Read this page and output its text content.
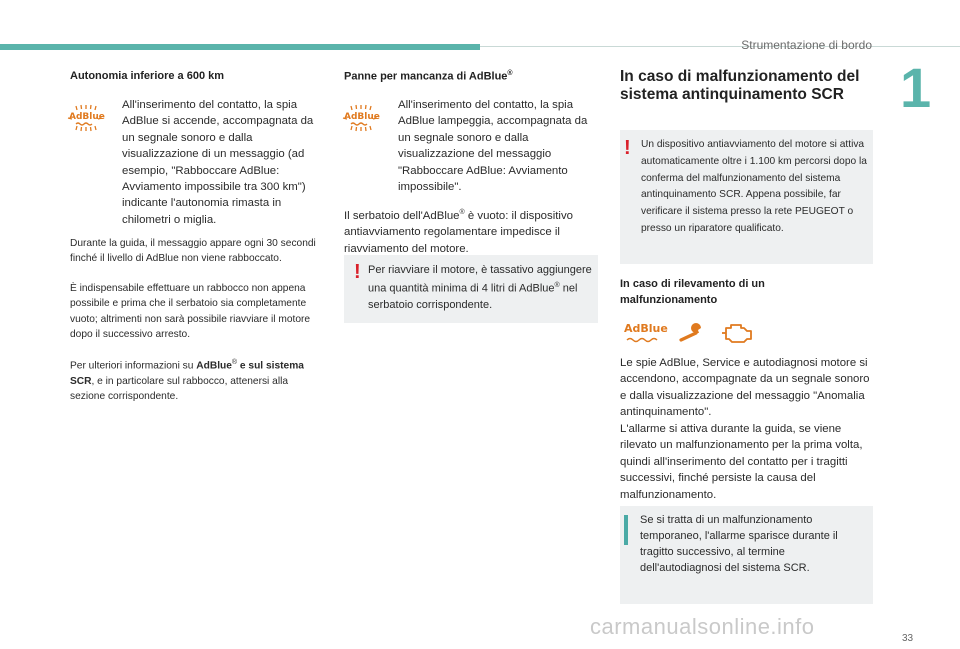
Strumentazione di bordo
1
Autonomia inferiore a 600 km
AdBlue
All'inserimento del contatto, la spia AdBlue si accende, accompagnata da un segnale sonoro e dalla visualizzazione di un messaggio (ad esempio, "Rabboccare AdBlue: Avviamento impossibile tra 300 km") indicante l'autonomia rimasta in chilometri o miglia.
Durante la guida, il messaggio appare ogni 30 secondi finché il livello di AdBlue non viene rabboccato.
È indispensabile effettuare un rabbocco non appena possibile e prima che il serbatoio sia completamente vuoto; altrimenti non sarà possibile riavviare il motore dopo il successivo arresto.
Per ulteriori informazioni su AdBlue® e sul sistema SCR, e in particolare sul rabbocco, attenersi alla sezione corrispondente.
Panne per mancanza di AdBlue®
AdBlue
All'inserimento del contatto, la spia AdBlue lampeggia, accompagnata da un segnale sonoro e dalla visualizzazione del messaggio "Rabboccare AdBlue: Avviamento impossibile".
Il serbatoio dell'AdBlue® è vuoto: il dispositivo antiavviamento regolamentare impedisce il riavviamento del motore.
! Per riavviare il motore, è tassativo aggiungere una quantità minima di 4 litri di AdBlue® nel serbatoio corrispondente.
In caso di malfunzionamento del sistema antinquinamento SCR
! Un dispositivo antiavviamento del motore si attiva automaticamente oltre i 1.100 km percorsi dopo la conferma del malfunzionamento del sistema antinquinamento SCR. Appena possibile, far verificare il sistema presso la rete PEUGEOT o presso un riparatore qualificato.
In caso di rilevamento di un malfunzionamento
AdBlue
Le spie AdBlue, Service e autodiagnosi motore si accendono, accompagnate da un segnale sonoro e dalla visualizzazione del messaggio "Anomalia antinquinamento".
L'allarme si attiva durante la guida, se viene rilevato un malfunzionamento per la prima volta, quindi all'inserimento del contatto per i tragitti successivi, finché persiste la causa del malfunzionamento.
Se si tratta di un malfunzionamento temporaneo, l'allarme sparisce durante il tragitto successivo, al termine dell'autodiagnosi del sistema SCR.
33
carmanualsonline.info
